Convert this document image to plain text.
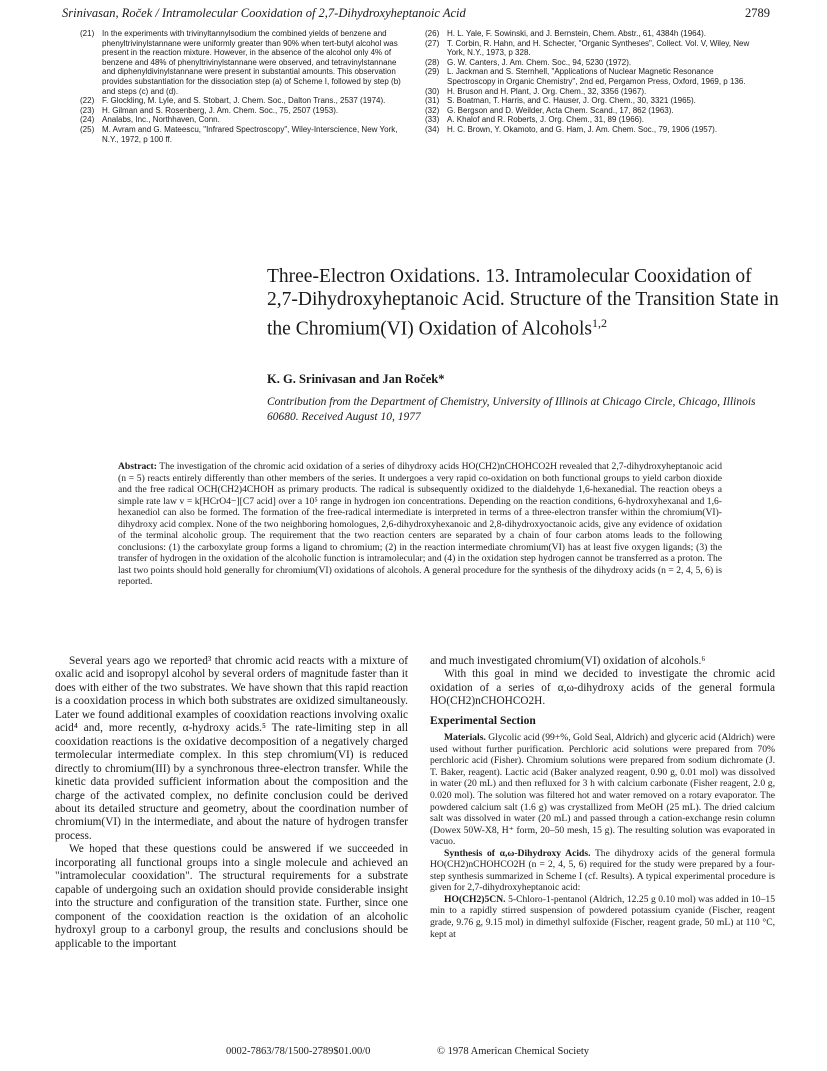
Srinivasan, Roček / Intramolecular Cooxidation of 2,7-Dihydroxyheptanoic Acid	2789

(21) In the experiments with trivinyltannylsodium the combined yields of benzene and phenyltrivinylstannane were uniformly greater than 90% when tert-butyl alcohol was present in the reaction mixture. However, in the absence of the alcohol only 4% of benzene and 48% of phenyltrivinylstannane were observed, and tetravinylstannane and diphenyldivinylstannane were present in substantial amounts. This observation provides substantiation for the dissociation step (a) of Scheme I, followed by step (b) and steps (c) and (d).

(22) F. Glockling, M. Lyle, and S. Stobart, J. Chem. Soc., Dalton Trans., 2537 (1974).

(23) H. Gilman and S. Rosenberg, J. Am. Chem. Soc., 75, 2507 (1953).

(24) Analabs, Inc., Northhaven, Conn.

(25) M. Avram and G. Mateescu, "Infrared Spectroscopy", Wiley-Interscience, New York, N.Y., 1972, p 100 ff.

(26) H. L. Yale, F. Sowinski, and J. Bernstein, Chem. Abstr., 61, 4384h (1964).

(27) T. Corbin, R. Hahn, and H. Schecter, "Organic Syntheses", Collect. Vol. V, Wiley, New York, N.Y., 1973, p 328.

(28) G. W. Canters, J. Am. Chem. Soc., 94, 5230 (1972).

(29) L. Jackman and S. Sternhell, "Applications of Nuclear Magnetic Resonance Spectroscopy in Organic Chemistry", 2nd ed, Pergamon Press, Oxford, 1969, p 136.

(30) H. Bruson and H. Plant, J. Org. Chem., 32, 3356 (1967).

(31) S. Boatman, T. Harris, and C. Hauser, J. Org. Chem., 30, 3321 (1965).

(32) G. Bergson and D. Weilder, Acta Chem. Scand., 17, 862 (1963).

(33) A. Khalof and R. Roberts, J. Org. Chem., 31, 89 (1966).

(34) H. C. Brown, Y. Okamoto, and G. Ham, J. Am. Chem. Soc., 79, 1906 (1957).

Three-Electron Oxidations. 13. Intramolecular Cooxidation of 2,7-Dihydroxyheptanoic Acid. Structure of the Transition State in the Chromium(VI) Oxidation of Alcohols$^{1,2}$
K. G. Srinivasan and Jan Roček*
Contribution from the Department of Chemistry, University of Illinois at Chicago Circle, Chicago, Illinois 60680. Received August 10, 1977
Abstract: The investigation of the chromic acid oxidation of a series of dihydroxy acids HO(CH2)nCHOHCO2H revealed that 2,7-dihydroxyheptanoic acid (n = 5) reacts entirely differently than other members of the series. It undergoes a very rapid co-oxidation on both functional groups to yield carbon dioxide and the free radical OCH(CH2)4CHOH as primary products. The radical is subsequently oxidized to the dialdehyde 1,6-hexanedial. The reaction obeys a simple rate law v = k[HCrO4−][C7 acid] over a 10⁵ range in hydrogen ion concentrations. Depending on the reaction conditions, 6-hydroxyhexanal and 1,6-hexanediol can also be formed. The formation of the free-radical intermediate is interpreted in terms of a three-electron transfer within the chromium(VI)-dihydroxy acid complex. None of the two neighboring homologues, 2,6-dihydroxyhexanoic and 2,8-dihydroxyoctanoic acids, give any evidence of oxidation of the terminal alcoholic group. The requirement that the two reaction centers are separated by a chain of four carbon atoms leads to the following conclusions: (1) the carboxylate group forms a ligand to chromium; (2) in the reaction intermediate chromium(VI) has at least five oxygen ligands; (3) the transfer of hydrogen in the oxidation of the alcoholic function is intramolecular; and (4) in the oxidation step hydrogen cannot be transferred as a proton. The last two points should hold generally for chromium(VI) oxidations of alcohols. A general procedure for the synthesis of the dihydroxy acids (n = 2, 4, 5, 6) is reported.

Several years ago we reported³ that chromic acid reacts with a mixture of oxalic acid and isopropyl alcohol by several orders of magnitude faster than it does with either of the two substrates. We have shown that this rapid reaction is a cooxidation process in which both substrates are oxidized simultaneously. Later we found additional examples of cooxidation reactions involving oxalic acid⁴ and, more recently, α-hydroxy acids.⁵ The rate-limiting step in all cooxidation reactions is the oxidative decomposition of a negatively charged termolecular intermediate complex. In this step chromium(VI) is reduced directly to chromium(III) by a synchronous three-electron transfer. While the kinetic data provided sufficient information about the composition and the charge of the activated complex, no definite conclusion could be derived about its detailed structure and geometry, about the coordination number of chromium(VI) in the intermediate, and about the nature of hydrogen transfer process.

We hoped that these questions could be answered if we succeeded in incorporating all functional groups into a single molecule and achieved an "intramolecular cooxidation". The structural requirements for a substrate capable of undergoing such an oxidation should provide considerable insight into the structure and configuration of the transition state. Further, since one component of the cooxidation reaction is the oxidation of an alcoholic hydroxyl group to a carbonyl group, the results and conclusions should be applicable to the important

and much investigated chromium(VI) oxidation of alcohols.⁶

With this goal in mind we decided to investigate the chromic acid oxidation of a series of α,ω-dihydroxy acids of the general formula HO(CH2)nCHOHCO2H.

Experimental Section

Materials. Glycolic acid (99+%, Gold Seal, Aldrich) and glyceric acid (Aldrich) were used without further purification. Perchloric acid solutions were prepared from 70% perchloric acid (Fisher). Chromium solutions were prepared from sodium dichromate (J. T. Baker, reagent). Lactic acid (Baker analyzed reagent, 0.90 g, 0.01 mol) was dissolved in water (20 mL) and then refluxed for 3 h with calcium carbonate (Fisher reagent, 2.0 g, 0.020 mol). The solution was filtered hot and water removed on a rotary evaporator. The powdered calcium salt (1.6 g) was crystallized from MeOH (25 mL). The dried calcium salt was dissolved in water (20 mL) and passed through a cation-exchange resin column (Dowex 50W-X8, H⁺ form, 20–50 mesh, 15 g). The resulting solution was evaporated in vacuo.

Synthesis of α,ω-Dihydroxy Acids. The dihydroxy acids of the general formula HO(CH2)nCHOHCO2H (n = 2, 4, 5, 6) required for the study were prepared by a four-step synthesis summarized in Scheme I (cf. Results). A typical experimental procedure is given for 2,7-dihydroxyheptanoic acid:

HO(CH2)5CN. 5-Chloro-1-pentanol (Aldrich, 12.25 g 0.10 mol) was added in 10–15 min to a rapidly stirred suspension of powdered potassium cyanide (Fischer, reagent grade, 9.76 g, 9.15 mol) in dimethyl sulfoxide (Fischer, reagent grade, 50 mL) at 110 °C, kept at

0002-7863/78/1500-2789$01.00/0	© 1978 American Chemical Society
